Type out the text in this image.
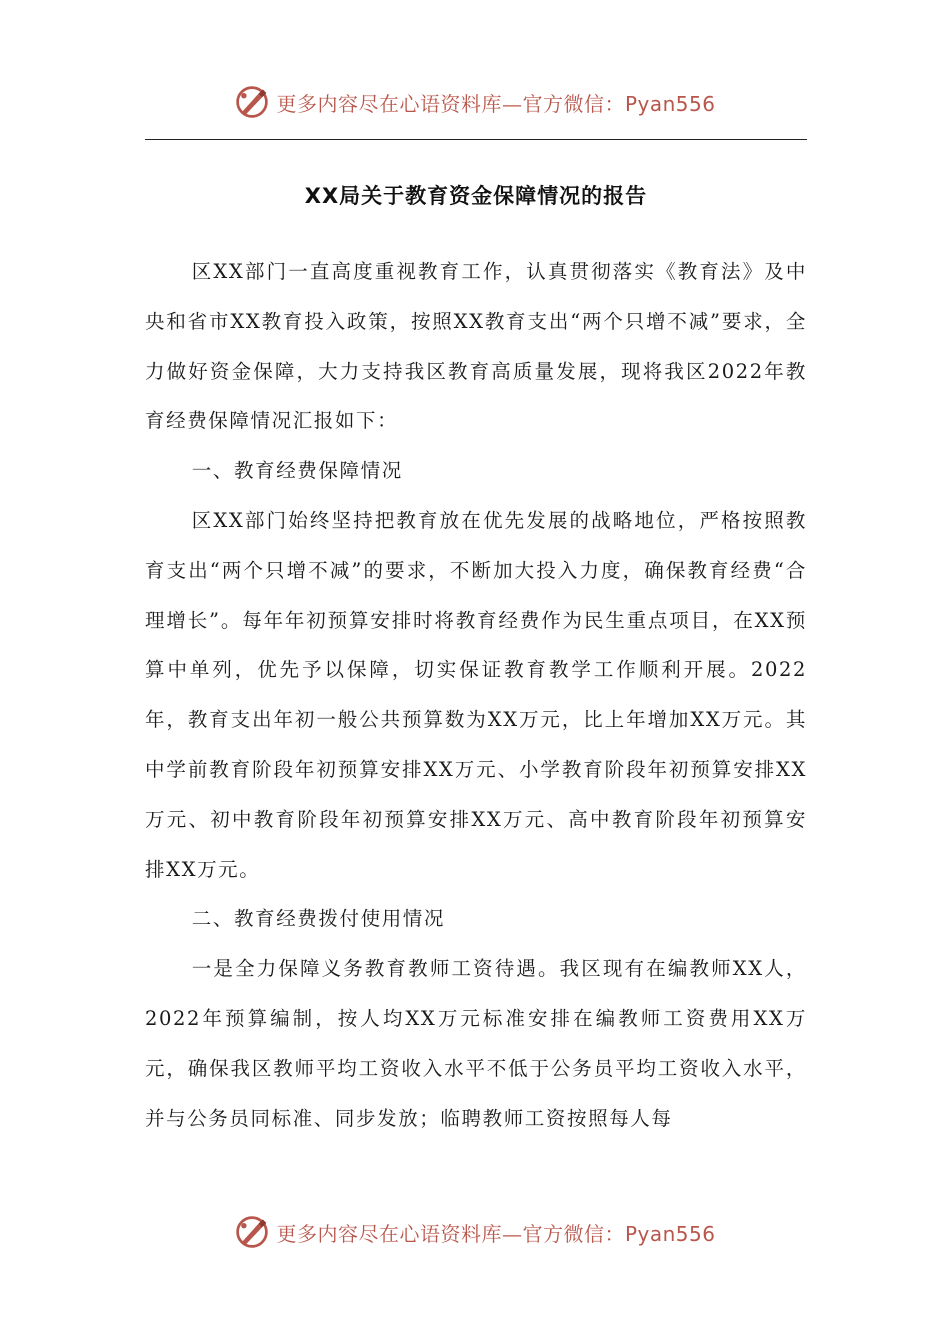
更多内容尽在心语资料库—官方微信：Pyan556
XX局关于教育资金保障情况的报告

区XX部门一直高度重视教育工作，认真贯彻落实《教育法》及中央和省市XX教育投入政策，按照XX教育支出“两个只增不减”要求，全力做好资金保障，大力支持我区教育高质量发展，现将我区2022年教育经费保障情况汇报如下：

一、教育经费保障情况

区XX部门始终坚持把教育放在优先发展的战略地位，严格按照教育支出“两个只增不减”的要求，不断加大投入力度，确保教育经费“合理增长”。每年年初预算安排时将教育经费作为民生重点项目，在XX预算中单列，优先予以保障，切实保证教育教学工作顺利开展。2022年，教育支出年初一般公共预算数为XX万元，比上年增加XX万元。其中学前教育阶段年初预算安排XX万元、小学教育阶段年初预算安排XX万元、初中教育阶段年初预算安排XX万元、高中教育阶段年初预算安排XX万元。

二、教育经费拨付使用情况

一是全力保障义务教育教师工资待遇。我区现有在编教师XX人，2022年预算编制，按人均XX万元标准安排在编教师工资费用XX万元，确保我区教师平均工资收入水平不低于公务员平均工资收入水平，并与公务员同标准、同步发放；临聘教师工资按照每人每

更多内容尽在心语资料库—官方微信：Pyan556
